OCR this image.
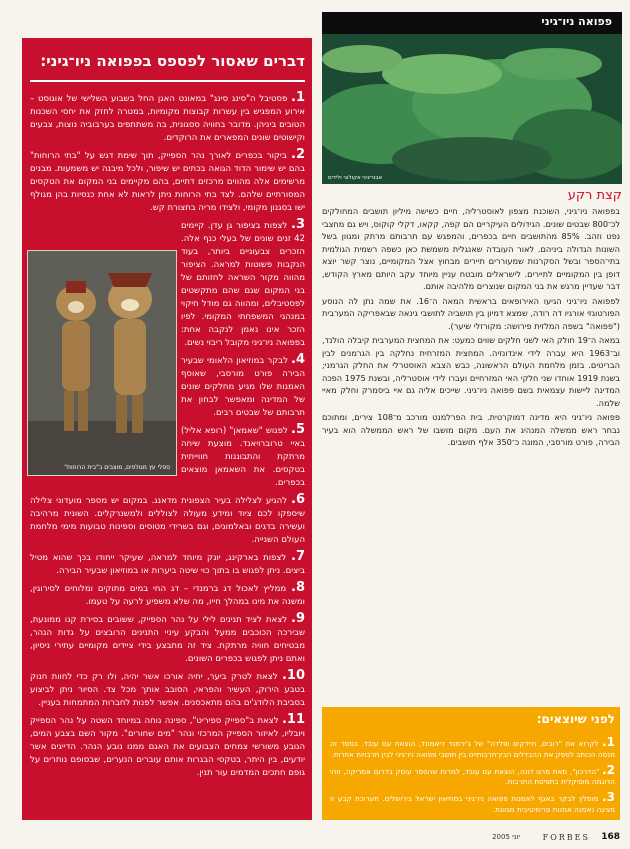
דברים שאסור לפספס בפפואה ניו־גיני:

1. פסטיבל ה"סינג סינג" במאונט האגן החל בשבוע השלישי של אוגוסט – אירוע המפגיש בין עשרות קבוצות מקומיות, במטרה לחזק את יחסי השכנות הטובים ביניהן. מדובר בחוויה ססגונית, בה משתתפים בערבוביה נוצות, צבעים וקישוטים שונים המפארים את הרוקדים.

2. ביקור בכפרים לאורך נהר הספייק, תוך שימת דגש על "בתי הרוחות" בהם יש שימור הדוד הגואה בכתים יש שיפור, ולכל מיבנה יש משמעות. מבנים מרשימים אלה מהווים מרכזים דתיים, בהם מקיימים בני המקום את הטקסים המסורתיים שלהם. לצד בתי הרוחות ניתן לראות לא אחת כנסיות בהן מגולף ישו בסגנון מקומי, ולצידו מריה בתצורת קש.

3. לצפות בציפור גן עדן. קיימים 42 זנים שונים של בעלי כנף אלה. הזכרים צבעוניים ביותר, בעוד הנקבות פשוטות למראה. הציפור מהווה מקור השראה לחזותם של בני המקום שגם שהם מתקשטים לפסטיבלים, ומהווה גם מודל חיקוי במנהגי המשפחתי המקומי. לפיו הזכר אינו נאמן לנקבה אחת: בפפואה ניו־גיני מקובל ריבוי נשים.

4. לבקר במוזיאון הלאומי שבעיר הבירה פורט מורסבי, שאוסף האמנות שלו מגיע מחלקים שונים של המדינה ומאפשר לבחון את תרבותם של שבטים רבים.

5. לפגוש "שאמאן" (רופא אליל) באיי טרוברויאנד. מוצעת שיחה מרתקת והתבוננות חווייתית בטקסים. את השאמאן מוצאים בכפרים.

6. להגיע לצלילה בעיר הצפונית מדאנג. במקום יש מספר מועדוני צלילה שיספקו לכם ציוד ומידע מעולה לצוללים ולמשנרקלים. השונית מרהיבה ועשירה בדגים ובאלמוגים, וגם בשרידי מטוסים וספינות טבועות מימי מלחמת העולם השנייה.

7. לצפות בארקינג, יונק מיוחד למראה, שעיקר ייחודו בכך שהוא מטיל ביצים. ניתן לפגוש בו בתוך כוי שיטה ביערות או במוזיאון שבעיר הבירה.

8. ממליץ לאכול דג ברמנדי – דג החי במים מתוקים ומלוחים לסירוגין, ומשנה את מינו במהלך חייו, מה שלא משפיע לרעה על טעמו.

9. לצאת לציד תנינים לילי על נהר הספייק, ששובים בסירת קנו ממונעת, שבירכה הכוכבים ממעל והבקע עיניי התנינים הרובצים על גדות הנהר, מבטיחים חוויה מרתקת. ציד זה מתבצע בידי ציידים מקומיים עתירי ניסיון, ואתם ניתן לפגוש בכפרים השונים.

10. לצאת לטרק ביער, יחיה אורכו אשר יהיה, ולו רק כדי לחוות חנוק בטבע הירוק, העשיר והפראי, הסובב אותך מכל צד. הסיור ניתן לביצוע בסביבת הלודג'ים בהם מתאכסנים. אפשר לפנות לחברות המתמחות בעניין.

11. לצאת ב"ספייק ספיריט", ספינה נוחה במיוחד השטה על נהר הספייק ויובליו, לאיזור הספייק המרכזי ונהר "מים שחורים". מקור השם בצבע המים, הנובע משורשי צמחים הצבועים את האגם ממנו נובע הנהר. הדייגים אשר יודעים, בין היתר, בטקסי הבגרות אותם עוברים הנערים, שבסופם נותרים על גופם חתכים המדמים עור תנין.

פסלי עץ מגולפים, מוצבים ב"בית הרוחות"
פפואה ניו־גיני
אבוריגיני אקולוגי ולידים
קצת רקע

בפפואה ניו־גיני, השוכנת מצפון לאוסטרליה, חיים כשישה מיליון תושבים המחולקים לכ־800 שבטים שונים. הגידולים העיקריים הם קפה, קקאו, דקלי קוקוס, ויש גם מחצבי נפט וזהב. 85% מהתושבים חיים בכפרים, והמפגש עם תרבותם מרתק ומגוון בשל השונות הגדולה ביניהם. לאור העובדה שאנגלית משמשת כאן כשפה רשמית הגולמית בתי־הספר ובשל הסקרנות שמעוררים תיירים מבחוץ אצל המקומיים, נוצר קשר יוצא דופן בין המקומיים לתיירים. לישראלים מובטח עניין מיוחד עקב היותם מארץ הקודש, דבר שעדיין מרגש את בני המקום שנוצרים מלהיבה אותם.

לפפואה ניו־גיני הגיעו האירופאים בראשית המאה ה־16. את שמה נתן לה הנוסע הפורטוגזי אורגיו דה רודה, שמצא דמיון בין תושביה לתושבי גינאה שבאפריקה המערבית ("פפואה" בשפה המלזית פירושה: מקורזלי שיער).

במאה ה־19 חולק האי לשני חלקים שווים כמעט: את המחצית המערבית קיבלה הולנד, וב־1963 היא עברה לידי אינדונזיה. המחצית המזרחית נחלקה בין הגרמנים לבין הבריטים. בזמן מלחמת העולם הראשונה, כבש הצבא האוסטרלי את החלק הגרמני; בשנת 1919 אוחדו שני חלקי האי המזרחיים ועברו לידי אוסטרליה, ובשנת 1975 הפכה המדינה ליישות עצמאית בשם פפואה ניו־גיני. שייכים אליה גם איי ביסמרק וחלק מאיי שלמה.

פפואה ניו־גיני היא מדינה דמוקרטית. בית הפרלמנט מורכב מ־108 צירים, ומתוכם נבחר ראש ממשלה המנהיג את העם. מקום מושבו של ראש הממשלה הוא בעיר הבירה, פורט מורסבי, המונה כ־350 אלף תושבים.

לפני שיוצאים:

1. לקרוא את "רובים, חיידקים ופלדה" של ג'ירמנד דיאמונד, הוצאת עם עובד. בספר זה מנסה הכותב לספק את ההבדלים הבין־תרבותיים בין תושבי פפואה ניו־גיני לבין תרבויות אחרות.

2. "הדרכון", מאת מרגו דונה, הוצאת עם עובד, למרות שהספר עוסק בדרום אמריקה, זוהי הדוגמה מוסיקלית בתפיסת התרבות.

3. מומלץ לבקר באגף לאמנות פפואה ניו־גיני במוזיאון ישראל בירושלים. תערוכת קבע זו מציגה נאמנה אמנות פרימיטיבית מגוונת.

168
FORBES
יוני 2005
